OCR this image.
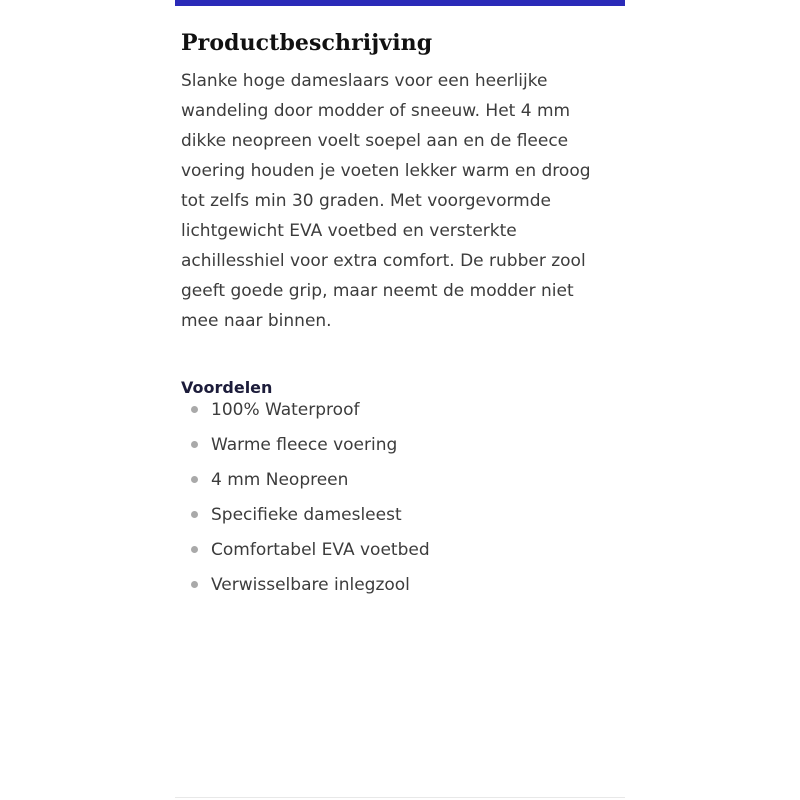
Productbeschrijving

Slanke hoge dameslaars voor een heerlijke
wandeling door modder of sneeuw. Het 4 mm
dikke neopreen voelt soepel aan en de fleece
voering houden je voeten lekker warm en droog
tot zelfs min 30 graden. Met voorgevormde
lichtgewicht EVA voetbed en versterkte
achillesshiel voor extra comfort. De rubber zool
geeft goede grip, maar neemt de modder niet
mee naar binnen.

Voordelen
100% Waterproof
Warme fleece voering
4 mm Neopreen
Specifieke damesleest
Comfortabel EVA voetbed
Verwisselbare inlegzool
